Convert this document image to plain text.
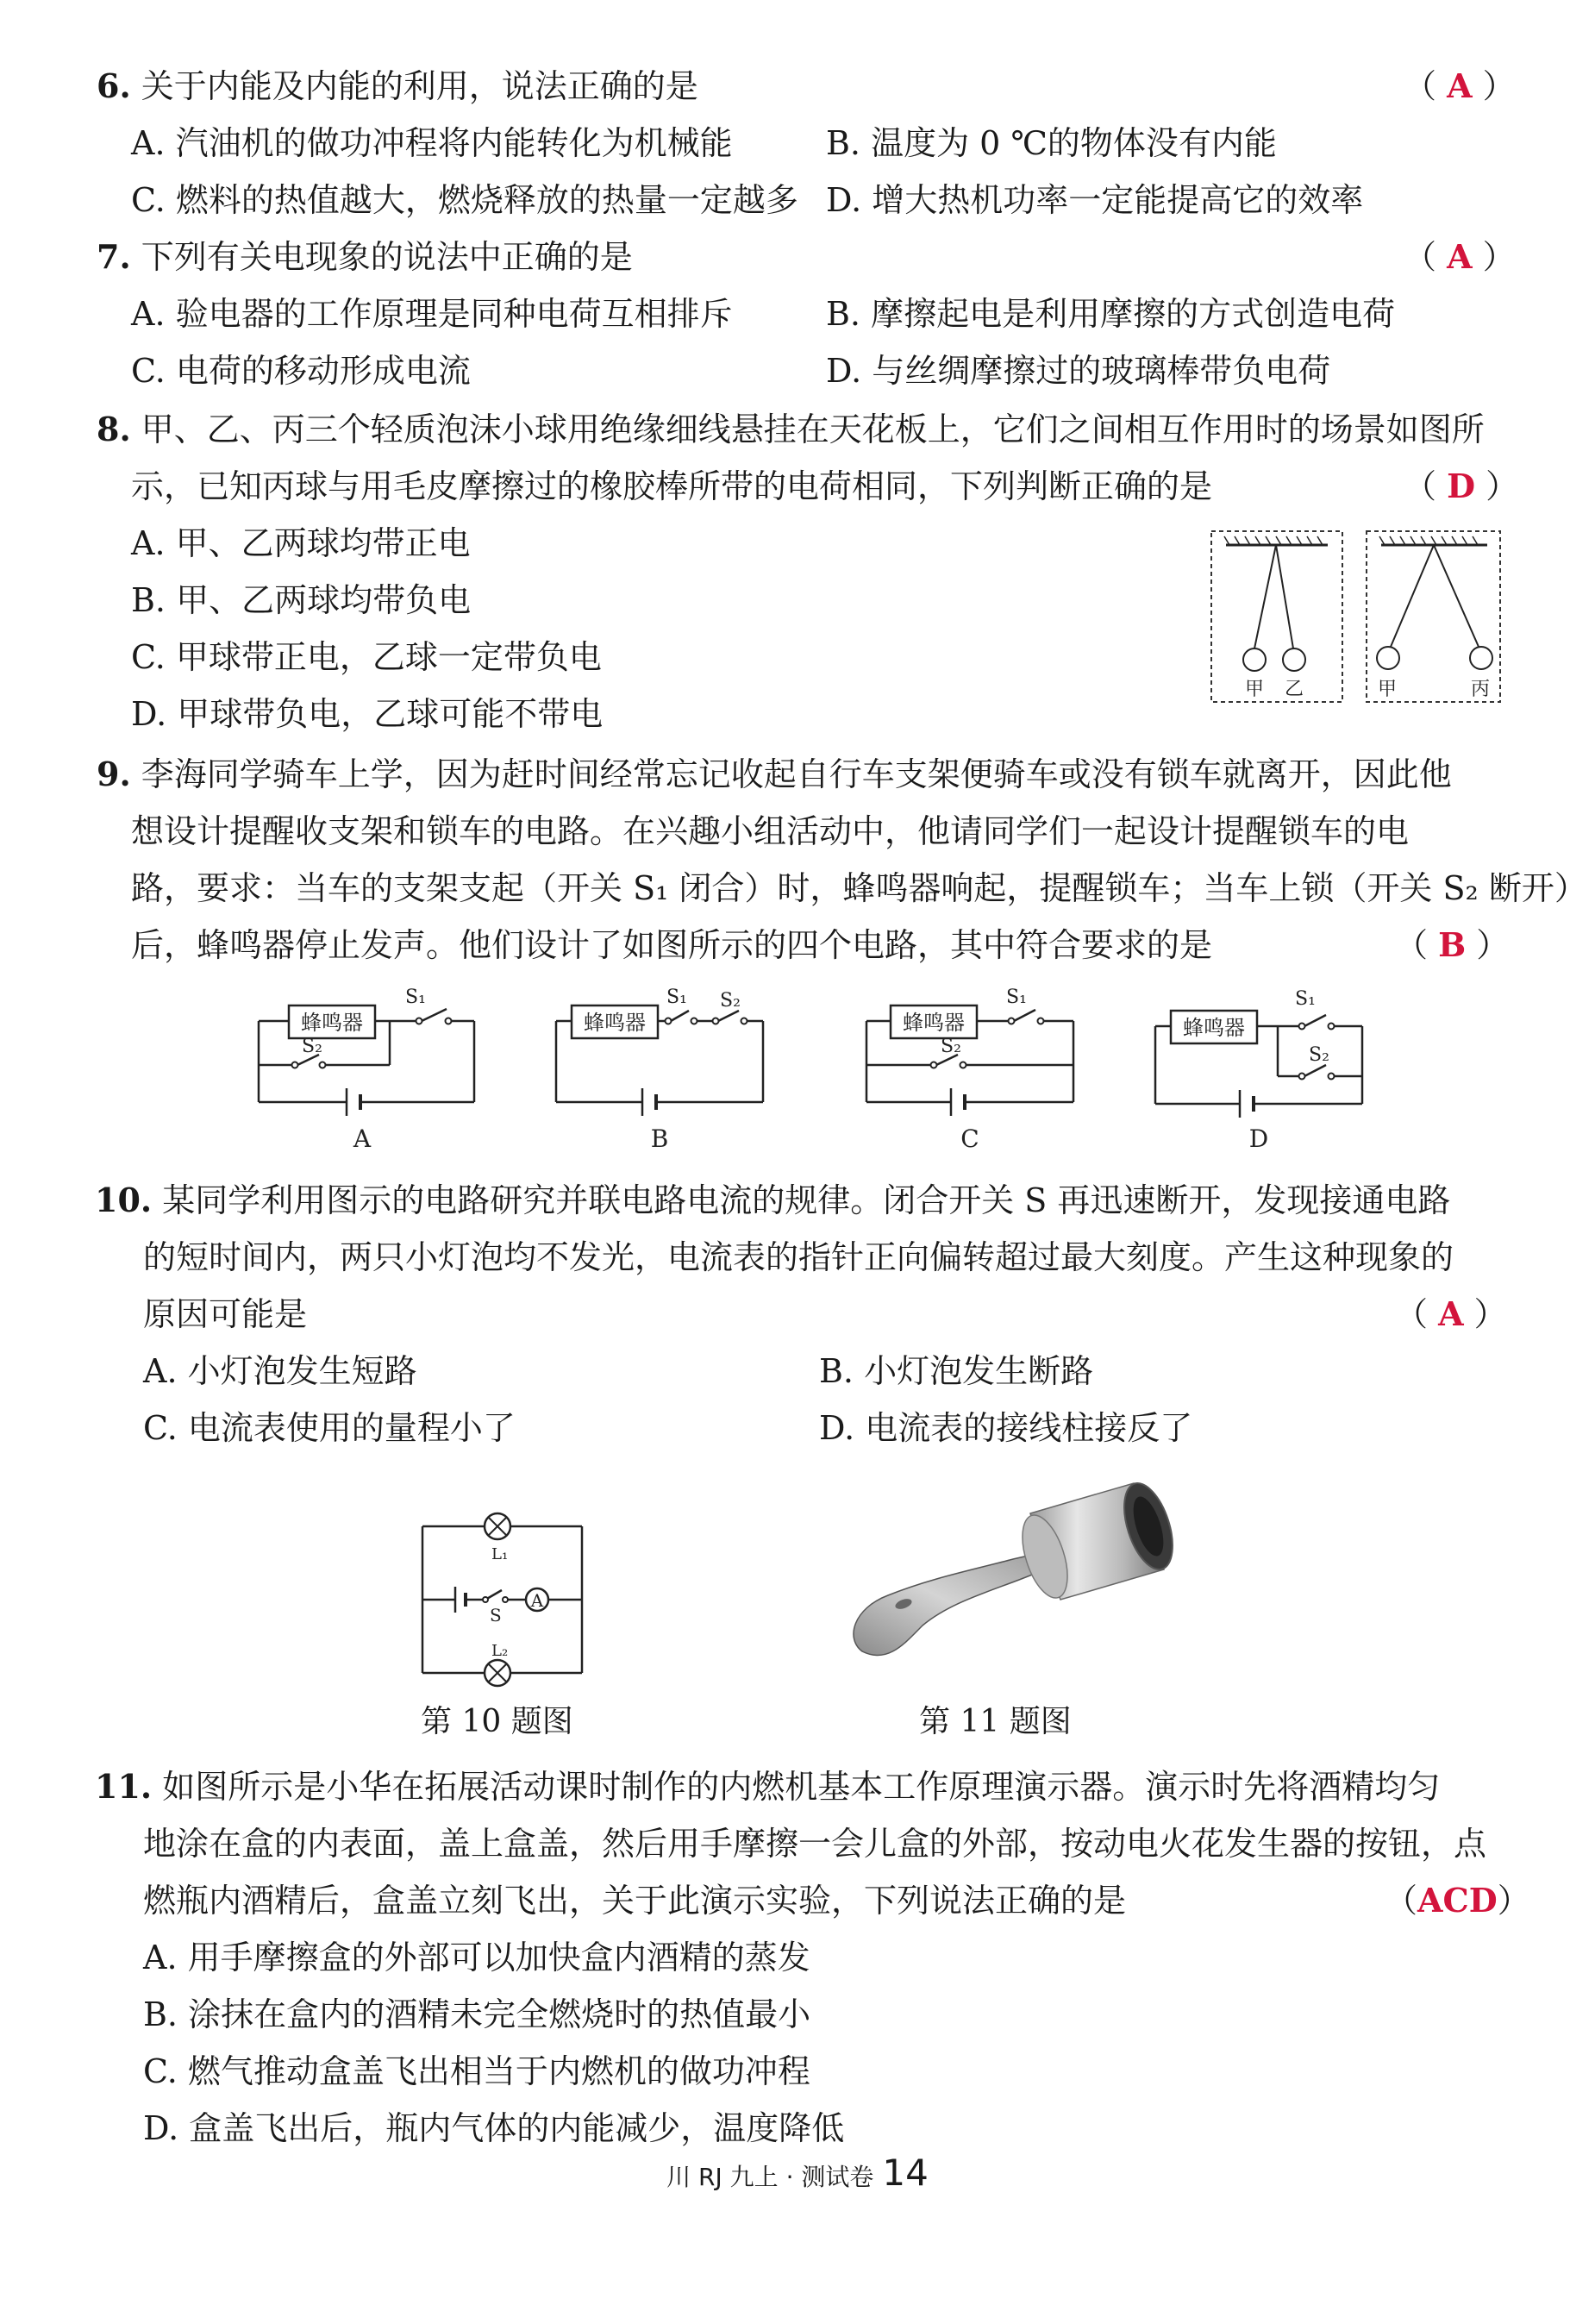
6. 关于内能及内能的利用，说法正确的是	（ A ）
A. 汽油机的做功冲程将内能转化为机械能	B. 温度为 0 ℃的物体没有内能
C. 燃料的热值越大，燃烧释放的热量一定越多 D. 增大热机功率一定能提高它的效率
7. 下列有关电现象的说法中正确的是	（ A ）
A. 验电器的工作原理是同种电荷互相排斥	B. 摩擦起电是利用摩擦的方式创造电荷
C. 电荷的移动形成电流	D. 与丝绸摩擦过的玻璃棒带负电荷
8. 甲、乙、丙三个轻质泡沫小球用绝缘细线悬挂在天花板上，它们之间相互作用时的场景如图所
示，已知丙球与用毛皮摩擦过的橡胶棒所带的电荷相同，下列判断正确的是	（ D ）
A. 甲、乙两球均带正电
B. 甲、乙两球均带负电
C. 甲球带正电，乙球一定带负电
D. 甲球带负电，乙球可能不带电
甲 乙	甲	丙
9. 李海同学骑车上学，因为赶时间经常忘记收起自行车支架便骑车或没有锁车就离开，因此他
想设计提醒收支架和锁车的电路。在兴趣小组活动中，他请同学们一起设计提醒锁车的电
路，要求：当车的支架支起（开关 S₁ 闭合）时，蜂鸣器响起，提醒锁车；当车上锁（开关 S₂ 断开）
后，蜂鸣器停止发声。他们设计了如图所示的四个电路，其中符合要求的是	（ B ）
蜂鸣器
S₁
S₂
A
蜂鸣器
S₁ S₂
B
蜂鸣器
S₁
S₂
C
蜂鸣器
S₁
S₂
D
10. 某同学利用图示的电路研究并联电路电流的规律。闭合开关 S 再迅速断开，发现接通电路
的短时间内，两只小灯泡均不发光，电流表的指针正向偏转超过最大刻度。产生这种现象的
原因可能是	（ A ）
A. 小灯泡发生短路	B. 小灯泡发生断路
C. 电流表使用的量程小了	D. 电流表的接线柱接反了
A
L₁
S
L₂
第 10 题图	第 11 题图
11. 如图所示是小华在拓展活动课时制作的内燃机基本工作原理演示器。演示时先将酒精均匀
地涂在盒的内表面，盖上盒盖，然后用手摩擦一会儿盒的外部，按动电火花发生器的按钮，点
燃瓶内酒精后，盒盖立刻飞出，关于此演示实验，下列说法正确的是	（ACD）
A. 用手摩擦盒的外部可以加快盒内酒精的蒸发
B. 涂抹在盒内的酒精未完全燃烧时的热值最小
C. 燃气推动盒盖飞出相当于内燃机的做功冲程
D. 盒盖飞出后，瓶内气体的内能减少，温度降低
川 RJ 九上 · 测试卷 14
